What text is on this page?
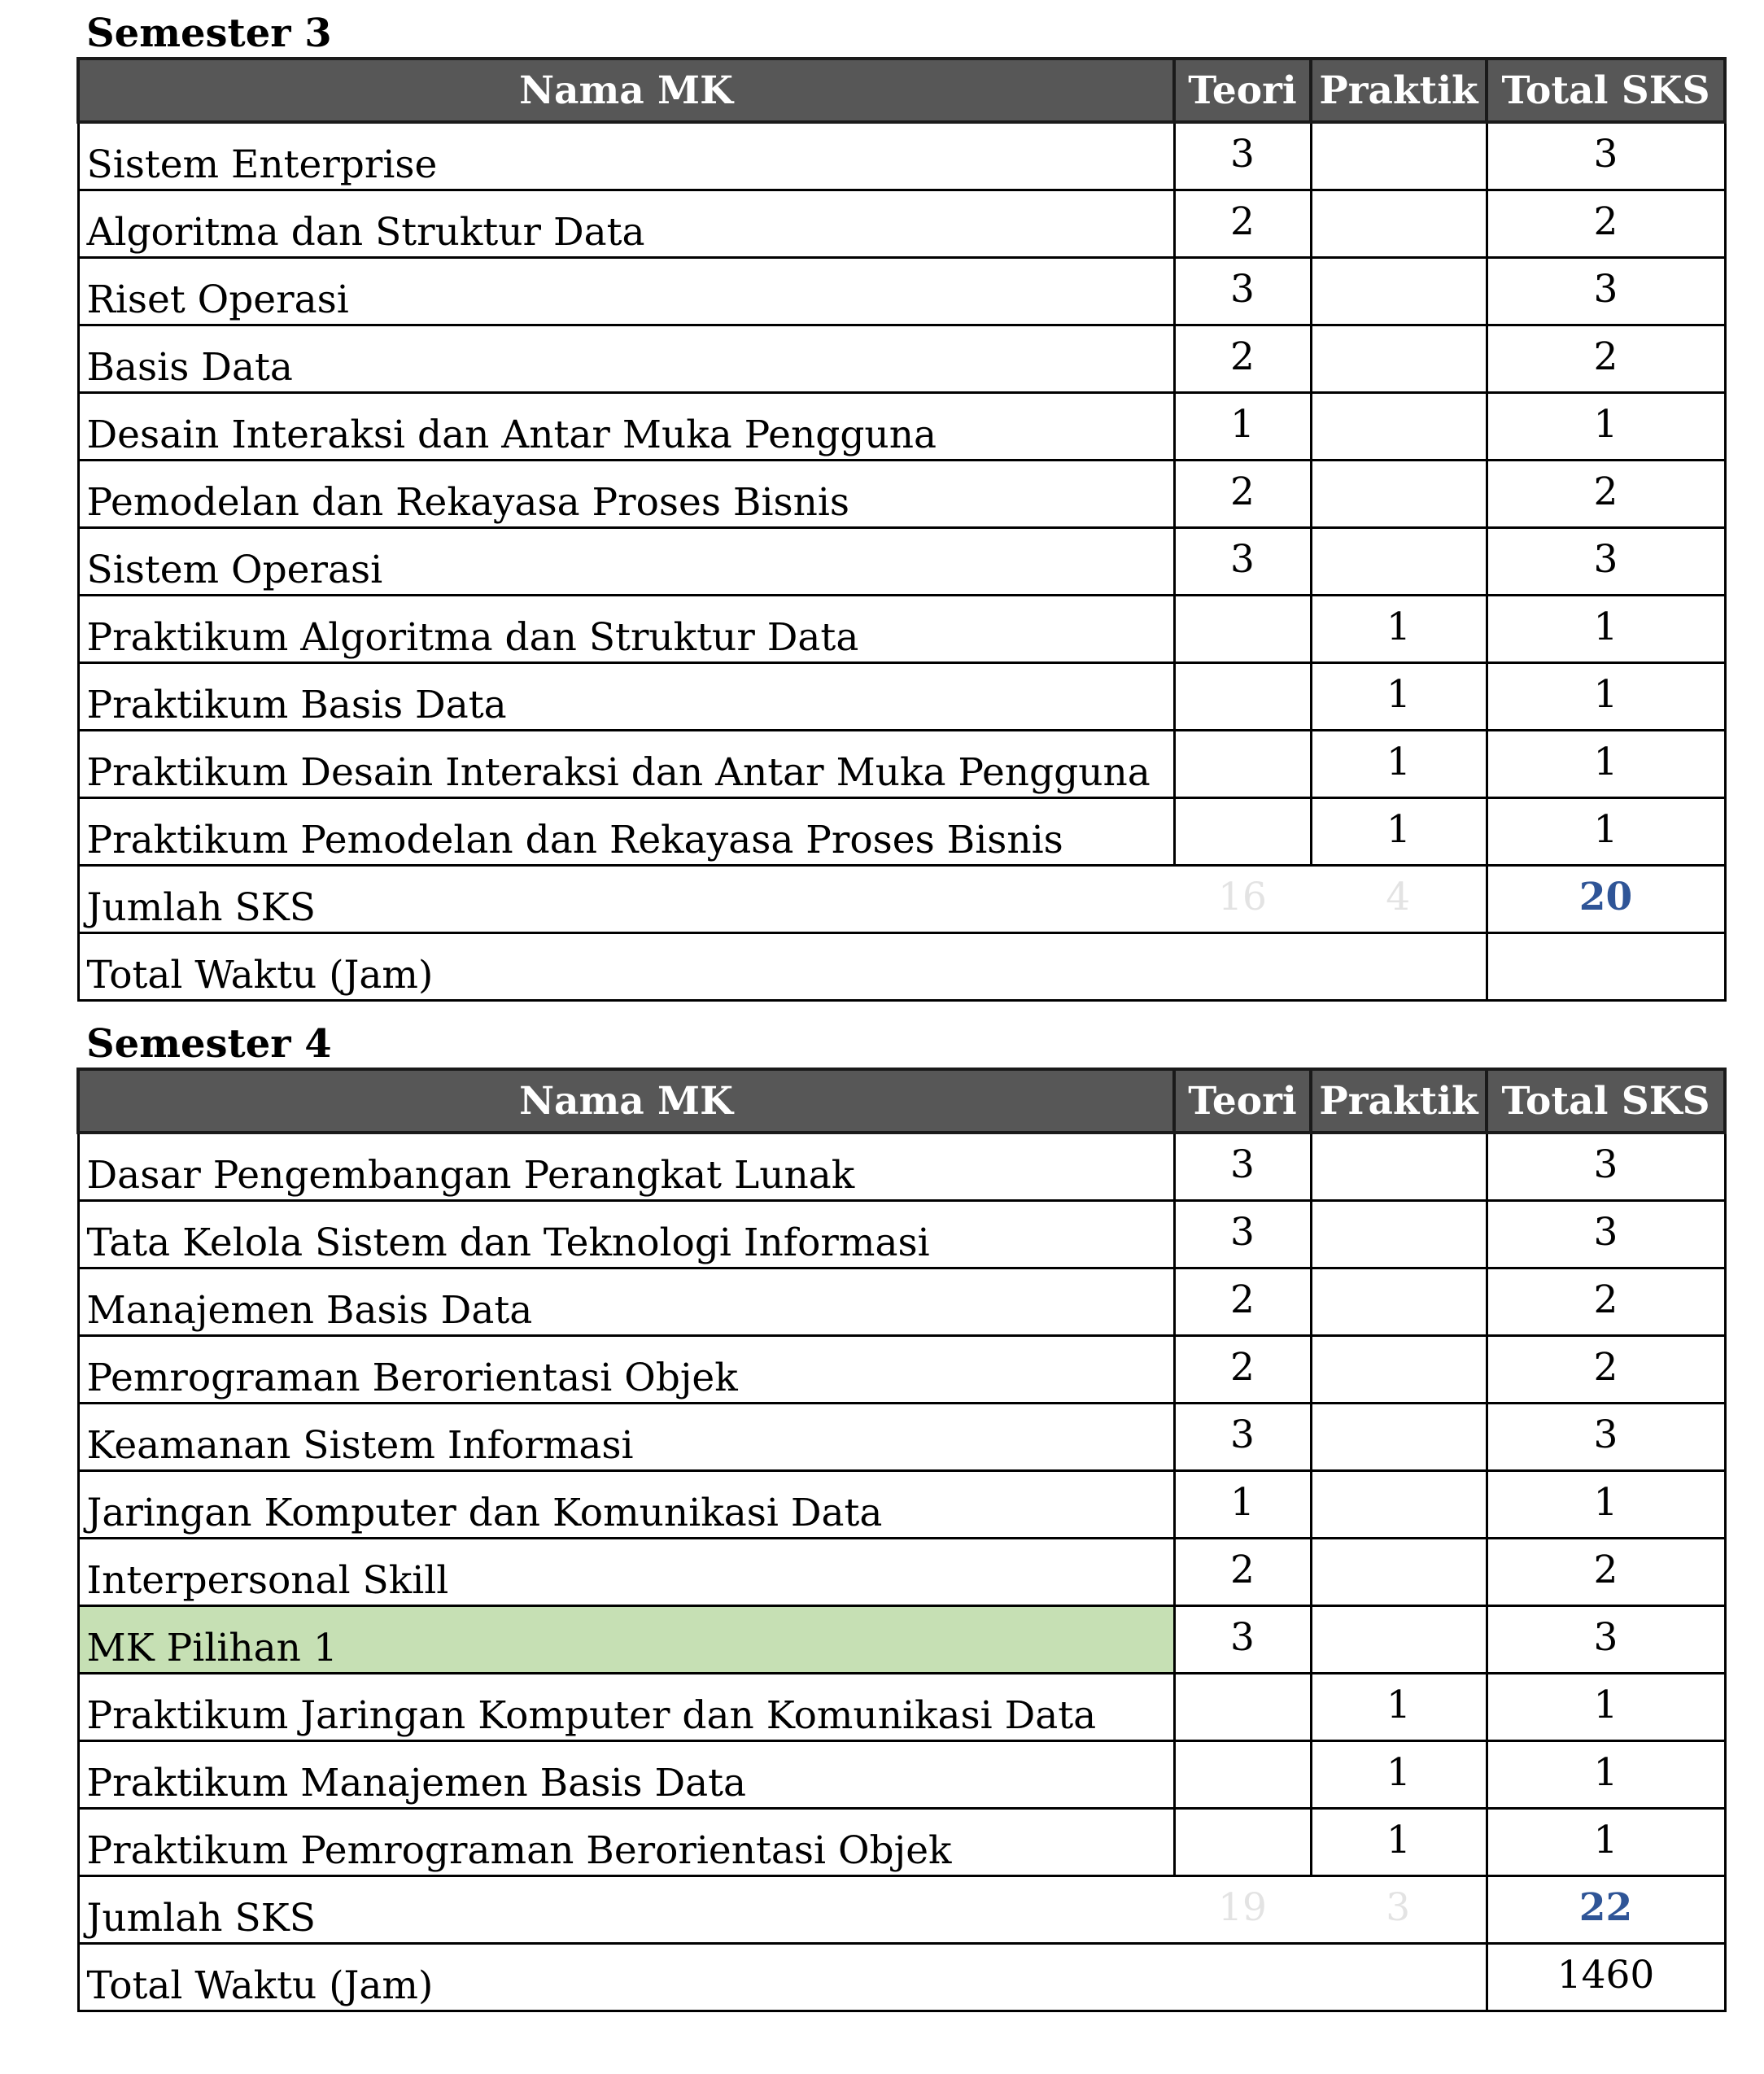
Semester 3
Nama MK	Teori	Praktik	Total SKS
Sistem Enterprise	3		3
Algoritma dan Struktur Data	2		2
Riset Operasi	3		3
Basis Data	2		2
Desain Interaksi dan Antar Muka Pengguna	1		1
Pemodelan dan Rekayasa Proses Bisnis	2		2
Sistem Operasi	3		3
Praktikum Algoritma dan Struktur Data		1	1
Praktikum Basis Data		1	1
Praktikum Desain Interaksi dan Antar Muka Pengguna		1	1
Praktikum Pemodelan dan Rekayasa Proses Bisnis		1	1
Jumlah SKS	16	4	20
Total Waktu (Jam)			
Semester 4
Nama MK	Teori	Praktik	Total SKS
Dasar Pengembangan Perangkat Lunak	3		3
Tata Kelola Sistem dan Teknologi Informasi	3		3
Manajemen Basis Data	2		2
Pemrograman Berorientasi Objek	2		2
Keamanan Sistem Informasi	3		3
Jaringan Komputer dan Komunikasi Data	1		1
Interpersonal Skill	2		2
MK Pilihan 1	3		3
Praktikum Jaringan Komputer dan Komunikasi Data		1	1
Praktikum Manajemen Basis Data		1	1
Praktikum Pemrograman Berorientasi Objek		1	1
Jumlah SKS	19	3	22
Total Waktu (Jam)			1460
